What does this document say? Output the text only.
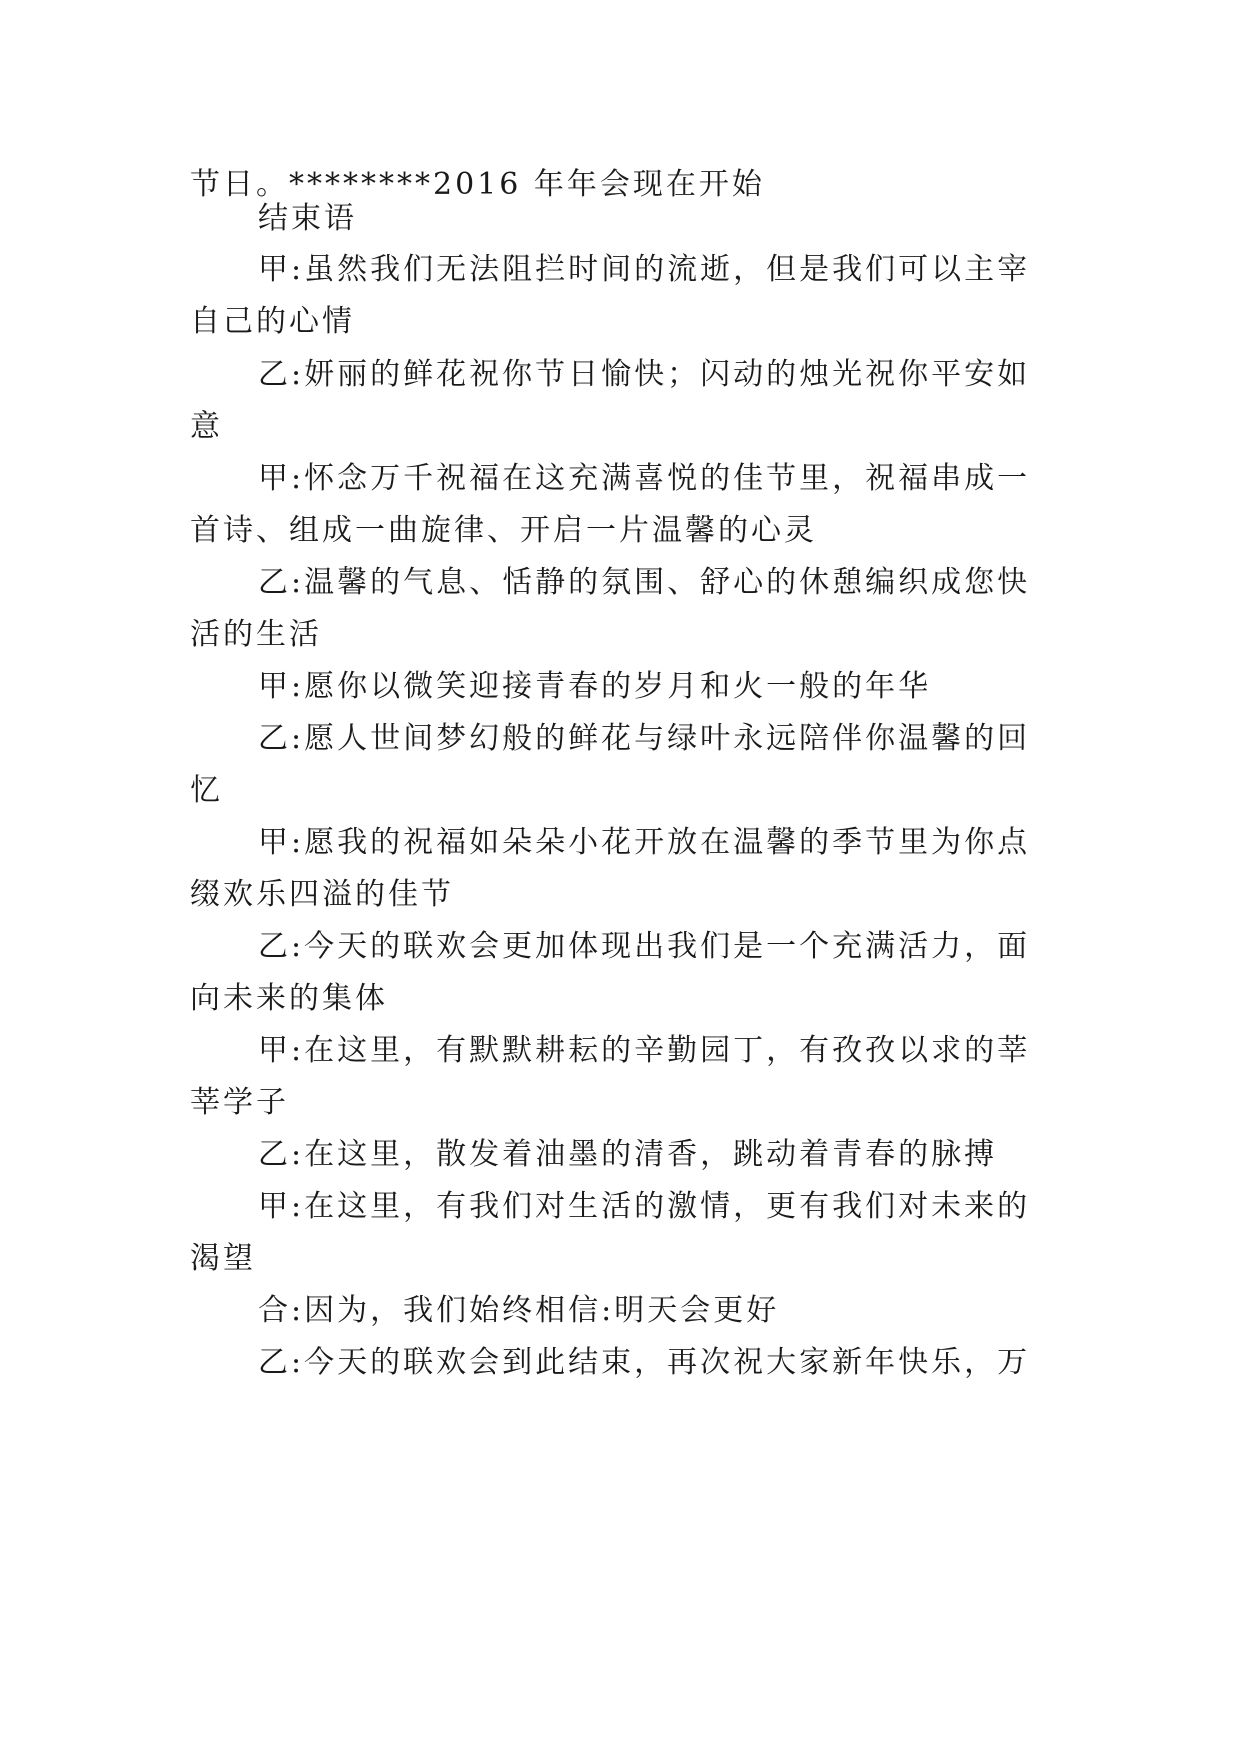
节日。********2016 年年会现在开始
结束语
甲:虽然我们无法阻拦时间的流逝，但是我们可以主宰
自己的心情
乙:妍丽的鲜花祝你节日愉快；闪动的烛光祝你平安如
意
甲:怀念万千祝福在这充满喜悦的佳节里，祝福串成一
首诗、组成一曲旋律、开启一片温馨的心灵
乙:温馨的气息、恬静的氛围、舒心的休憩编织成您快
活的生活
甲:愿你以微笑迎接青春的岁月和火一般的年华
乙:愿人世间梦幻般的鲜花与绿叶永远陪伴你温馨的回
忆
甲:愿我的祝福如朵朵小花开放在温馨的季节里为你点
缀欢乐四溢的佳节
乙:今天的联欢会更加体现出我们是一个充满活力，面
向未来的集体
甲:在这里，有默默耕耘的辛勤园丁，有孜孜以求的莘
莘学子
乙:在这里，散发着油墨的清香，跳动着青春的脉搏
甲:在这里，有我们对生活的激情，更有我们对未来的
渴望
合:因为，我们始终相信:明天会更好
乙:今天的联欢会到此结束，再次祝大家新年快乐，万
